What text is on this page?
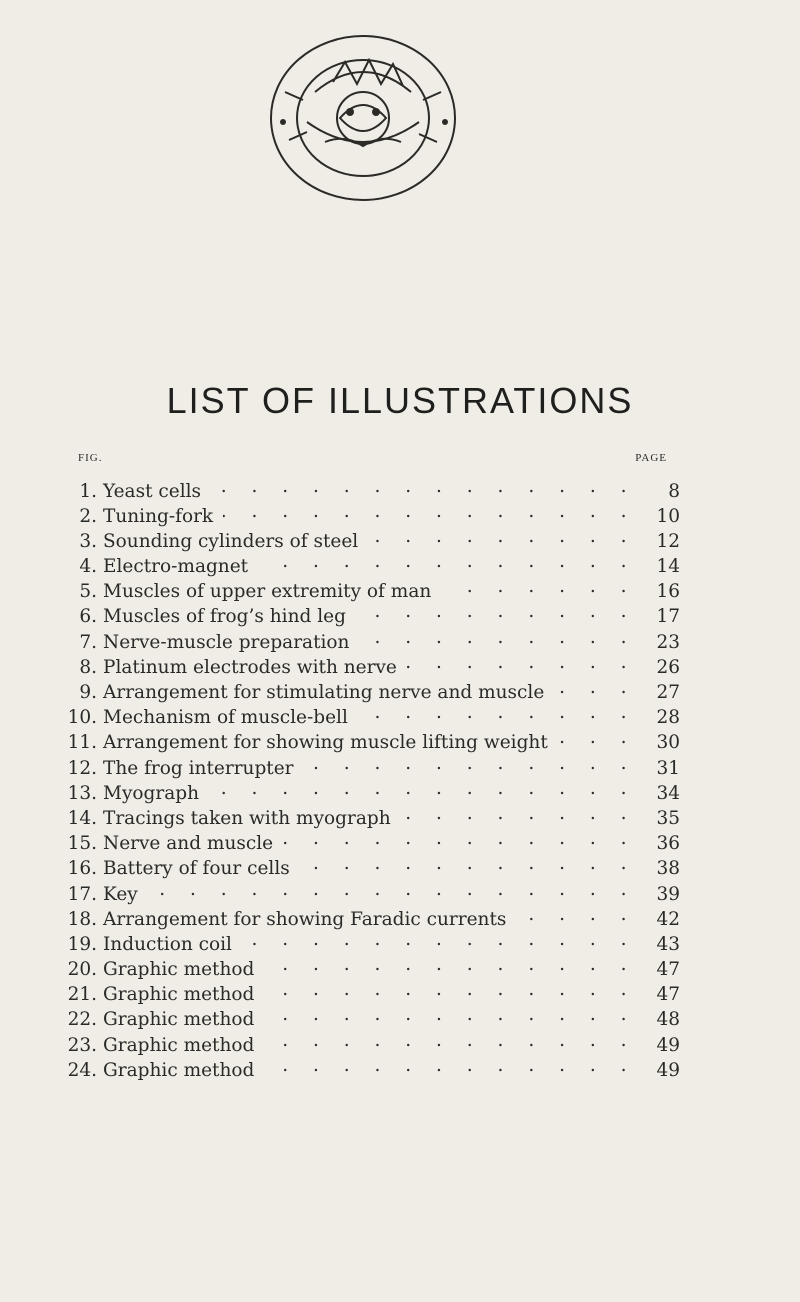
LIST OF ILLUSTRATIONS
FIG.	PAGE
1. Yeast cells . . .	8
2. Tuning-fork . . .	10
3. Sounding cylinders of steel . . .	12
4. Electro-magnet . . .	14
5. Muscles of upper extremity of man . . .	16
6. Muscles of frog’s hind leg . . .	17
7. Nerve-muscle preparation . . .	23
8. Platinum electrodes with nerve . . .	26
9. Arrangement for stimulating nerve and muscle . . .	27
10. Mechanism of muscle-bell . . .	28
11. Arrangement for showing muscle lifting weight . . .	30
12. The frog interrupter . . .	31
13. Myograph . . .	34
14. Tracings taken with myograph . . .	35
15. Nerve and muscle . . .	36
16. Battery of four cells . . .	38
17. Key . . .	39
18. Arrangement for showing Faradic currents . . .	42
19. Induction coil . . .	43
20. Graphic method . . .	47
21. Graphic method . . .	47
22. Graphic method . . .	48
23. Graphic method . . .	49
24. Graphic method . . .	49
